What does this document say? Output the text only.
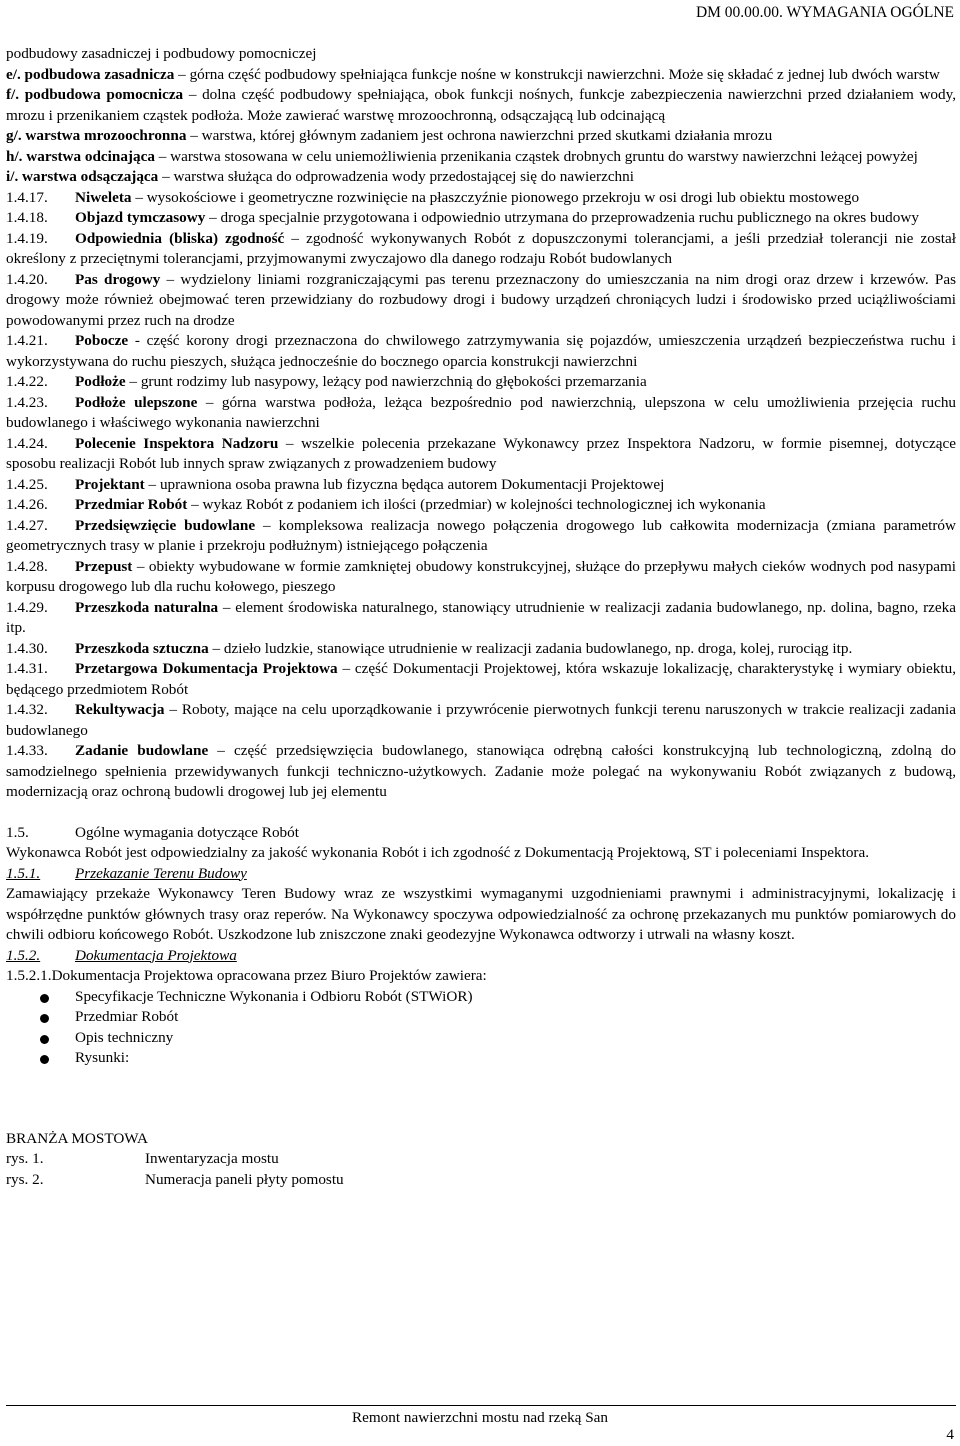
DM 00.00.00. WYMAGANIA OGÓLNE
podbudowy zasadniczej i podbudowy pomocniczej
e/. podbudowa zasadnicza – górna część podbudowy spełniająca funkcje nośne w konstrukcji nawierzchni. Może się składać z jednej lub dwóch warstw
f/. podbudowa pomocnicza – dolna część podbudowy spełniająca, obok funkcji nośnych, funkcje zabezpieczenia nawierzchni przed działaniem wody, mrozu i przenikaniem cząstek podłoża. Może zawierać warstwę mrozoochronną, odsączającą lub odcinającą
g/. warstwa mrozoochronna – warstwa, której głównym zadaniem jest ochrona nawierzchni przed skutkami działania mrozu
h/. warstwa odcinająca – warstwa stosowana w celu uniemożliwienia przenikania cząstek drobnych gruntu do warstwy nawierzchni leżącej powyżej
i/. warstwa odsączająca – warstwa służąca do odprowadzenia wody przedostającej się do nawierzchni
1.4.17. Niweleta – wysokościowe i geometryczne rozwinięcie na płaszczyźnie pionowego przekroju w osi drogi lub obiektu mostowego
1.4.18. Objazd tymczasowy – droga specjalnie przygotowana i odpowiednio utrzymana do przeprowadzenia ruchu publicznego na okres budowy
1.4.19. Odpowiednia (bliska) zgodność – zgodność wykonywanych Robót z dopuszczonymi tolerancjami, a jeśli przedział tolerancji nie został określony z przeciętnymi tolerancjami, przyjmowanymi zwyczajowo dla danego rodzaju Robót budowlanych
1.4.20. Pas drogowy – wydzielony liniami rozgraniczającymi pas terenu przeznaczony do umieszczania na nim drogi oraz drzew i krzewów. Pas drogowy może również obejmować teren przewidziany do rozbudowy drogi i budowy urządzeń chroniących ludzi i środowisko przed uciążliwościami powodowanymi przez ruch na drodze
1.4.21. Pobocze - część korony drogi przeznaczona do chwilowego zatrzymywania się pojazdów, umieszczenia urządzeń bezpieczeństwa ruchu i wykorzystywana do ruchu pieszych, służąca jednocześnie do bocznego oparcia konstrukcji nawierzchni
1.4.22. Podłoże – grunt rodzimy lub nasypowy, leżący pod nawierzchnią do głębokości przemarzania
1.4.23. Podłoże ulepszone – górna warstwa podłoża, leżąca bezpośrednio pod nawierzchnią, ulepszona w celu umożliwienia przejęcia ruchu budowlanego i właściwego wykonania nawierzchni
1.4.24. Polecenie Inspektora Nadzoru – wszelkie polecenia przekazane Wykonawcy przez Inspektora Nadzoru, w formie pisemnej, dotyczące sposobu realizacji Robót lub innych spraw związanych z prowadzeniem budowy
1.4.25. Projektant – uprawniona osoba prawna lub fizyczna będąca autorem Dokumentacji Projektowej
1.4.26. Przedmiar Robót – wykaz Robót z podaniem ich ilości (przedmiar) w kolejności technologicznej ich wykonania
1.4.27. Przedsięwzięcie budowlane – kompleksowa realizacja nowego połączenia drogowego lub całkowita modernizacja (zmiana parametrów geometrycznych trasy w planie i przekroju podłużnym) istniejącego połączenia
1.4.28. Przepust – obiekty wybudowane w formie zamkniętej obudowy konstrukcyjnej, służące do przepływu małych cieków wodnych pod nasypami korpusu drogowego lub dla ruchu kołowego, pieszego
1.4.29. Przeszkoda naturalna – element środowiska naturalnego, stanowiący utrudnienie w realizacji zadania budowlanego, np. dolina, bagno, rzeka itp.
1.4.30. Przeszkoda sztuczna – dzieło ludzkie, stanowiące utrudnienie w realizacji zadania budowlanego, np. droga, kolej, rurociąg itp.
1.4.31. Przetargowa Dokumentacja Projektowa – część Dokumentacji Projektowej, która wskazuje lokalizację, charakterystykę i wymiary obiektu, będącego przedmiotem Robót
1.4.32. Rekultywacja – Roboty, mające na celu uporządkowanie i przywrócenie pierwotnych funkcji terenu naruszonych w trakcie realizacji zadania budowlanego
1.4.33. Zadanie budowlane – część przedsięwzięcia budowlanego, stanowiąca odrębną całości konstrukcyjną lub technologiczną, zdolną do samodzielnego spełnienia przewidywanych funkcji techniczno-użytkowych. Zadanie może polegać na wykonywaniu Robót związanych z budową, modernizacją oraz ochroną budowli drogowej lub jej elementu
1.5.	Ogólne wymagania dotyczące Robót
Wykonawca Robót jest odpowiedzialny za jakość wykonania Robót i ich zgodność z Dokumentacją Projektową, ST i poleceniami Inspektora.
1.5.1. Przekazanie Terenu Budowy
Zamawiający przekaże Wykonawcy Teren Budowy wraz ze wszystkimi wymaganymi uzgodnieniami prawnymi i administracyjnymi, lokalizację i współrzędne punktów głównych trasy oraz reperów. Na Wykonawcy spoczywa odpowiedzialność za ochronę przekazanych mu punktów pomiarowych do chwili odbioru końcowego Robót. Uszkodzone lub zniszczone znaki geodezyjne Wykonawca odtworzy i utrwali na własny koszt.
1.5.2. Dokumentacja Projektowa
1.5.2.1.Dokumentacja Projektowa opracowana przez Biuro Projektów zawiera:
Specyfikacje Techniczne Wykonania i Odbioru Robót (STWiOR)
Przedmiar Robót
Opis techniczny
Rysunki:
BRANŻA MOSTOWA
rys. 1.	Inwentaryzacja mostu
rys. 2.	Numeracja paneli płyty pomostu
Remont nawierzchni mostu nad rzeką San
4
